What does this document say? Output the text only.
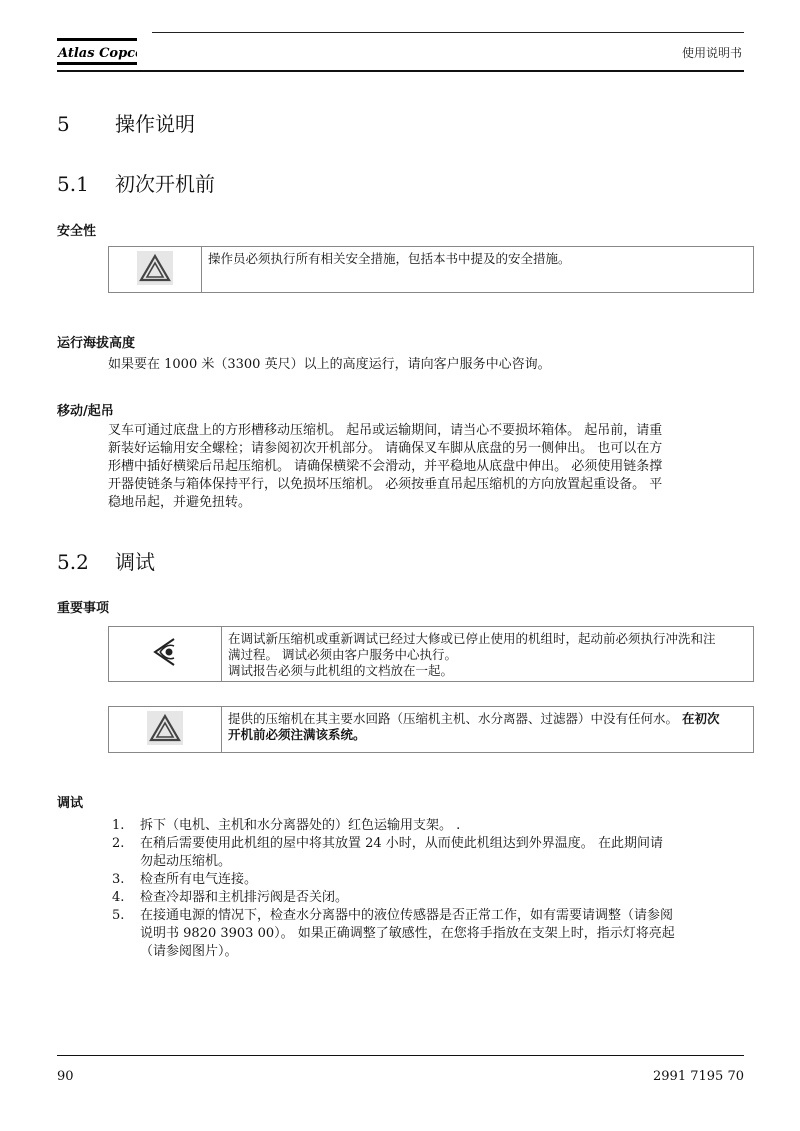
Atlas Copco	使用说明书
5 操作说明
5.1 初次开机前
安全性
操作员必须执行所有相关安全措施，包括本书中提及的安全措施。
运行海拔高度
如果要在 1000 米（3300 英尺）以上的高度运行，请向客户服务中心咨询。
移动/起吊
叉车可通过底盘上的方形槽移动压缩机。 起吊或运输期间，请当心不要损坏箱体。 起吊前，请重
新装好运输用安全螺栓；请参阅初次开机部分。 请确保叉车脚从底盘的另一侧伸出。 也可以在方
形槽中插好横梁后吊起压缩机。 请确保横梁不会滑动，并平稳地从底盘中伸出。 必须使用链条撑
开器使链条与箱体保持平行，以免损坏压缩机。 必须按垂直吊起压缩机的方向放置起重设备。 平
稳地吊起，并避免扭转。
5.2 调试
重要事项
在调试新压缩机或重新调试已经过大修或已停止使用的机组时，起动前必须执行冲洗和注
满过程。 调试必须由客户服务中心执行。
调试报告必须与此机组的文档放在一起。
提供的压缩机在其主要水回路（压缩机主机、水分离器、过滤器）中没有任何水。 在初次
开机前必须注满该系统。
调试
1.	拆下（电机、主机和水分离器处的）红色运输用支架。 .
2.	在稍后需要使用此机组的屋中将其放置 24 小时，从而使此机组达到外界温度。 在此期间请
勿起动压缩机。
3.	检查所有电气连接。
4.	检查冷却器和主机排污阀是否关闭。
5.	在接通电源的情况下，检查水分离器中的液位传感器是否正常工作，如有需要请调整（请参阅
说明书 9820 3903 00）。 如果正确调整了敏感性，在您将手指放在支架上时，指示灯将亮起
（请参阅图片）。
90	2991 7195 70
